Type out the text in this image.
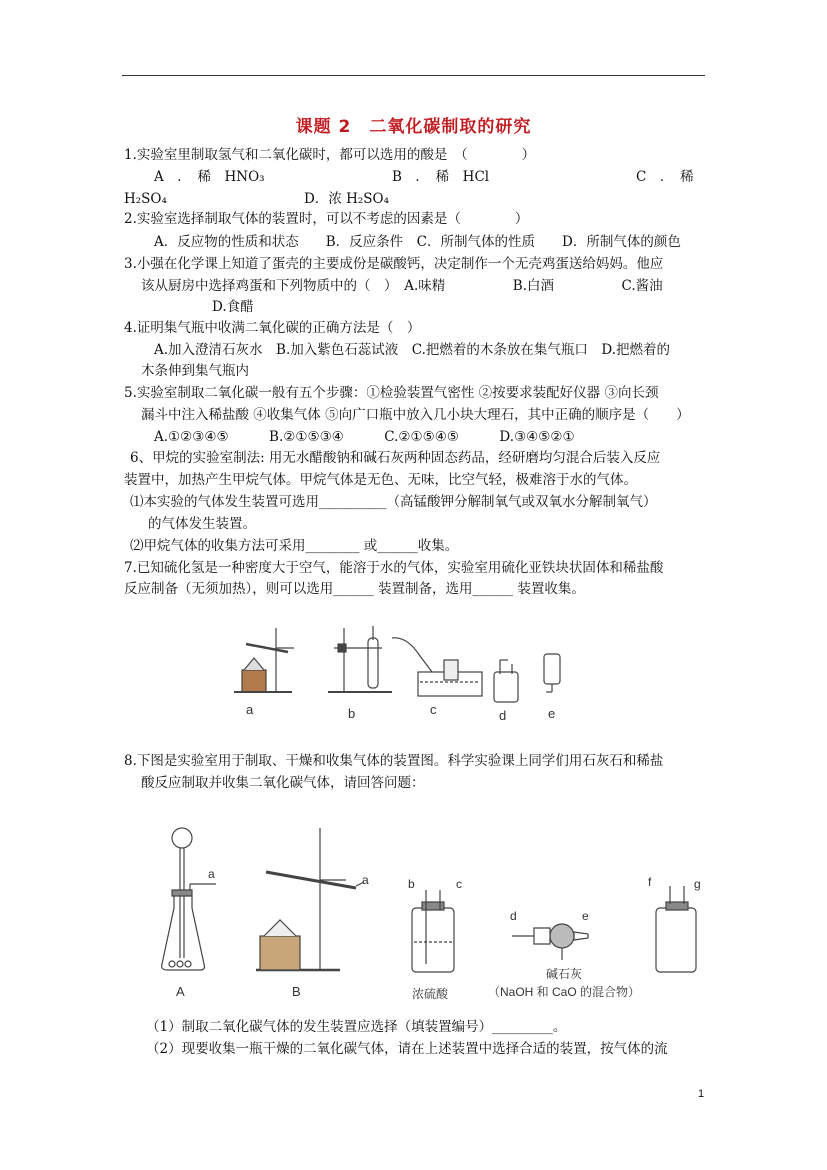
课题 2　二氧化碳制取的研究
1.实验室里制取氢气和二氧化碳时，都可以选用的酸是　（　　　　）
A　．　稀　HNO₃	B　．　稀　HCl	C　．　稀
H₂SO₄	D．浓 H₂SO₄
2.实验室选择制取气体的装置时，可以不考虑的因素是（　　　　）
A．反应物的性质和状态　　B．反应条件　C．所制气体的性质　　D．所制气体的颜色
3.小强在化学课上知道了蛋壳的主要成份是碳酸钙，决定制作一个无壳鸡蛋送给妈妈。他应
该从厨房中选择鸡蛋和下列物质中的（　）　A.味精　　　　　B.白酒　　　　　C.酱油
D.食醋
4.证明集气瓶中收满二氧化碳的正确方法是（　）
A.加入澄清石灰水　B.加入紫色石蕊试液　C.把燃着的木条放在集气瓶口　D.把燃着的
木条伸到集气瓶内
5.实验室制取二氧化碳一般有五个步骤：①检验装置气密性 ②按要求装配好仪器 ③向长颈
漏斗中注入稀盐酸 ④收集气体 ⑤向广口瓶中放入几小块大理石，其中正确的顺序是（　　）
A.①②③④⑤　　　B.②①⑤③④　　　C.②①⑤④⑤　　　D.③④⑤②①
6、甲烷的实验室制法: 用无水醋酸钠和碱石灰两种固态药品，经研磨均匀混合后装入反应
装置中，加热产生甲烷气体。甲烷气体是无色、无味，比空气轻，极难溶于水的气体。
⑴本实验的气体发生装置可选用__________（高锰酸钾分解制氧气或双氧水分解制氧气）
的气体发生装置。
⑵甲烷气体的收集方法可采用________ 或______收集。
7.已知硫化氢是一种密度大于空气，能溶于水的气体，实验室用硫化亚铁块状固体和稀盐酸
反应制备（无须加热），则可以选用______ 装置制备，选用______ 装置收集。
a	b	c	d	e
8.下图是实验室用于制取、干燥和收集气体的装置图。科学实验课上同学们用石灰石和稀盐
酸反应制取并收集二氧化碳气体，请回答问题：
A
a
B
a	b	c
浓硫酸
d	e
碱石灰
（NaOH 和 CaO 的混合物）
f	g
（1）制取二氧化碳气体的发生装置应选择（填装置编号）_________。
（2）现要收集一瓶干燥的二氧化碳气体，请在上述装置中选择合适的装置，按气体的流
1
